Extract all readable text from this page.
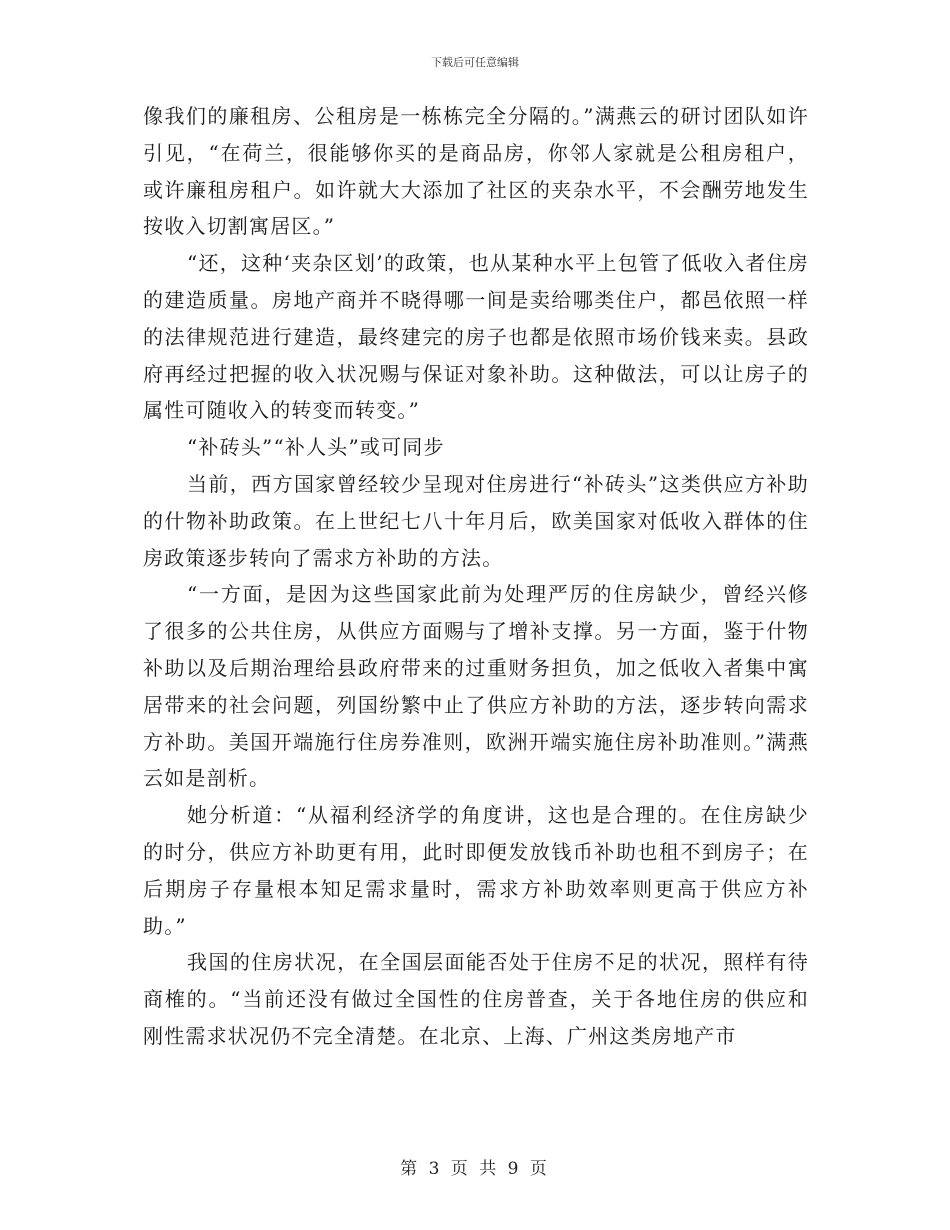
下载后可任意编辑

像我们的廉租房、公租房是一栋栋完全分隔的。”满燕云的研讨团队如许引见，“在荷兰，很能够你买的是商品房，你邻人家就是公租房租户，或许廉租房租户。如许就大大添加了社区的夹杂水平，不会酬劳地发生按收入切割寓居区。”

“还，这种‘夹杂区划’的政策，也从某种水平上包管了低收入者住房的建造质量。房地产商并不晓得哪一间是卖给哪类住户，都邑依照一样的法律规范进行建造，最终建完的房子也都是依照市场价钱来卖。县政府再经过把握的收入状况赐与保证对象补助。这种做法，可以让房子的属性可随收入的转变而转变。”

“补砖头”“补人头”或可同步

当前，西方国家曾经较少呈现对住房进行“补砖头”这类供应方补助的什物补助政策。在上世纪七八十年月后，欧美国家对低收入群体的住房政策逐步转向了需求方补助的方法。

“一方面，是因为这些国家此前为处理严厉的住房缺少，曾经兴修了很多的公共住房，从供应方面赐与了增补支撑。另一方面，鉴于什物补助以及后期治理给县政府带来的过重财务担负，加之低收入者集中寓居带来的社会问题，列国纷繁中止了供应方补助的方法，逐步转向需求方补助。美国开端施行住房券准则，欧洲开端实施住房补助准则。”满燕云如是剖析。

她分析道：“从福利经济学的角度讲，这也是合理的。在住房缺少的时分，供应方补助更有用，此时即便发放钱币补助也租不到房子；在后期房子存量根本知足需求量时，需求方补助效率则更高于供应方补助。”

我国的住房状况，在全国层面能否处于住房不足的状况，照样有待商榷的。“当前还没有做过全国性的住房普查，关于各地住房的供应和刚性需求状况仍不完全清楚。在北京、上海、广州这类房地产市

第 3 页 共 9 页
